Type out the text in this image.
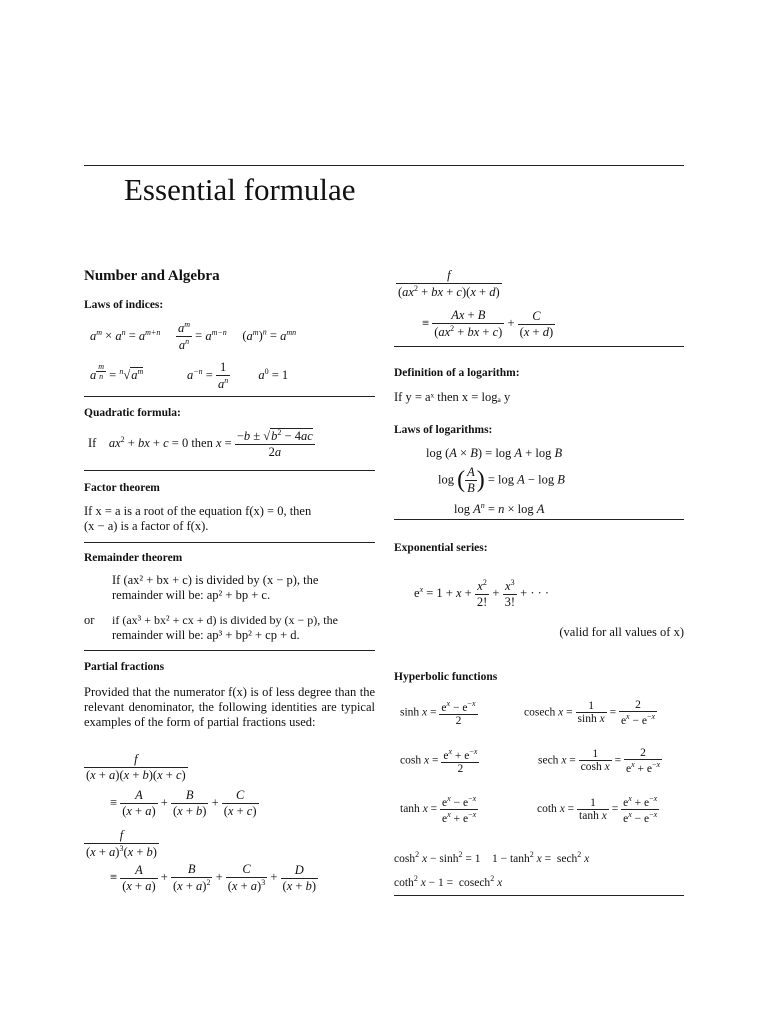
Essential formulae
Number and Algebra
Laws of indices:
$a^m \times a^n = a^{m+n} \frac{a^m}{a^n} = a^{m-n}$     $(a^m)^n = a^{mn}$
a $^{\frac{m}{n}} = ^n√a^m$	$a^{-n} = \frac{1}{a^n} a^0 = 1$
Quadratic formula:
If $ax^2$ + bx + c = 0 then $x = \frac{-b \pm √b^2 - 4ac}{2a}$
Factor theorem
If x = a is a root of the equation f(x) = 0, then
(x − a) is a factor of f(x).
Remainder theorem
If (ax² + bx + c) is divided by (x − p), the
remainder will be: ap² + bp + c.
or if (ax³ + bx² + cx + d) is divided by (x − p), the
remainder will be: ap³ + bp² + cp + d.
Partial fractions
Provided that the numerator f(x) is of less degree than the relevant denominator, the following identities are typical examples of the form of partial fractions used:
$\frac{f}{(x + a)(x + b)(x + c)}$
≡ $\frac{A}{(x + a)} + \frac{B}{(x + b)} + \frac{C}{(x + c)}$
$\frac{f}{(x + a)^3(x + b)}$
≡ $\frac{A}{(x + a)} + \frac{B}{(x + a)^2} + \frac{C}{(x + a)^3} + \frac{D}{(x + b)}$
$\frac{f}{(ax^2 + bx + c)(x + d)}$
≡ $\frac{Ax + B}{(ax^2 + bx + c)} + \frac{C}{(x + d)}$
Definition of a logarithm:
If y = aˣ then x = logₐ y
Laws of logarithms:
log (A × B) = log A + log B
log ( $\frac{A}{B}$ ) = log A − log B
$\log A^n = n \times \log A$
Exponential series:
$e^x = 1 + x + \frac{x^2}{2!} + \frac{x^3}{3!}$ + · · ·
(valid for all values of x)
Hyperbolic functions
$\sinh x = \frac{e^x - e^{-x}}{2}$	cosech $x = \frac{1}{\text{sinh x}} = \frac{2}{e^x - e^{-x}}$
$\cosh x = \frac{e^x + e^{-x}}{2}$	sech $x = \frac{1}{\text{cosh x}} = \frac{2}{e^x + e^{-x}}$
$\tanh x = \frac{e^x - e^{-x}}{e^x + e^{-x}}$	coth $x = \frac{1}{\text{tanh x}} = \frac{e^x + e^{-x}}{e^x - e^{-x}}$
$\cosh^2 x - \sinh^2 = 1$    $1 - \tanh^2 x = \sec h^2$ x
coth$^2$ x − 1 =  cosech$^2$ x
